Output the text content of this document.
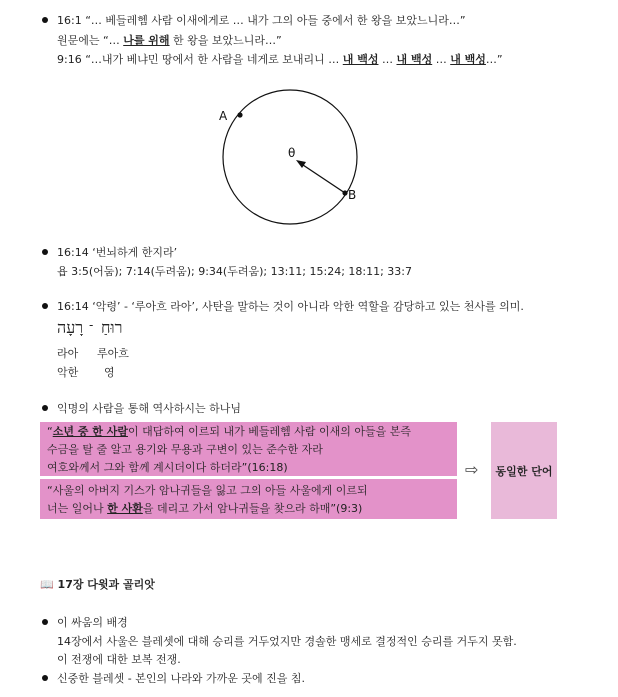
16:1 “… 베들레헴 사람 이새에게로 … 내가 그의 아들 중에서 한 왕을 보았느니라…”
원문에는 “… 나를 위해 한 왕을 보았느니라…”
9:16 “…내가 베냐민 땅에서 한 사람을 네게로 보내리니 … 내 백성 … 내 백성 … 내 백성…”
A
B
θ
16:14 ‘번뇌하게 한지라’
욥 3:5(어둠); 7:14(두려움); 9:34(두려움); 13:11; 15:24; 18:11; 33:7
16:14 ‘악령’ - ‘루아흐 라아’, 사탄을 말하는 것이 아니라 악한 역할을 감당하고 있는 천사를 의미.
רָעָה - רוּחַ
라아 루아흐
악한 영
익명의 사람을 통해 역사하시는 하나님
“소년 중 한 사람이 대답하여 이르되 내가 베들레헴 사람 이새의 아들을 본즉
수금을 탈 줄 알고 용기와 무용과 구변이 있는 준수한 자라
여호와께서 그와 함께 계시더이다 하더라”(16:18)
“사울의 아버지 기스가 암나귀들을 잃고 그의 아들 사울에게 이르되
너는 일어나 한 사환을 데리고 가서 암나귀들을 찾으라 하매”(9:3)
⇨ 동일한 단어
📖 17장 다윗과 골리앗
이 싸움의 배경
14장에서 사울은 블레셋에 대해 승리를 거두었지만 경솔한 맹세로 결정적인 승리를 거두지 못함.
이 전쟁에 대한 보복 전쟁.
신중한 블레셋 - 본인의 나라와 가까운 곳에 진을 침.
